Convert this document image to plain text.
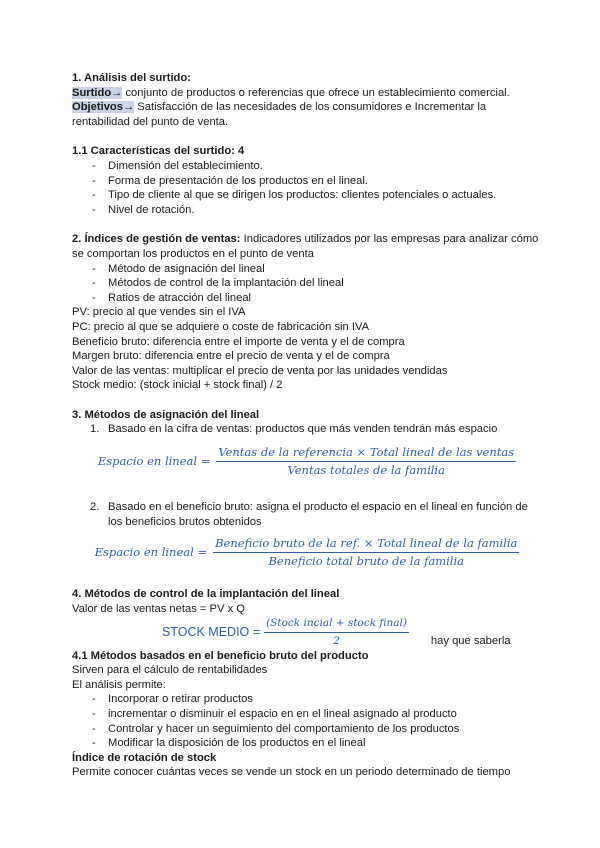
1. Análisis del surtido:

Surtido→ conjunto de productos o referencias que ofrece un establecimiento comercial.

Objetivos→ Satisfacción de las necesidades de los consumidores e Incrementar la rentabilidad del punto de venta.

1.1 Características del surtido: 4

- Dimensión del establecimiento.
- Forma de presentación de los productos en el lineal.
- Tipo de cliente al que se dirigen los productos: clientes potenciales o actuales.
- Nivel de rotación.

2. Índices de gestión de ventas: Indicadores utilizados por las empresas para analizar cómo se comportan los productos en el punto de venta

- Método de asignación del lineal
- Métodos de control de la implantación del lineal
- Ratios de atracción del lineal

PV: precio al que vendes sin el IVA

PC: precio al que se adquiere o coste de fabricación sin IVA

Beneficio bruto: diferencia entre el importe de venta y el de compra

Margen bruto: diferencia entre el precio de venta y el de compra

Valor de las ventas: multiplicar el precio de venta por las unidades vendidas

Stock medio: (stock inicial + stock final) / 2

3. Métodos de asignación del lineal

1. Basado en la cifra de ventas: productos que más venden tendrán más espacio
Espacio en lineal = $\frac{\text{Ventas de la referencia × Total lineal de las ventas}}{\text{Ventas totales de la familia}}$
2. Basado en el beneficio bruto: asigna el producto el espacio en el lineal en función de los beneficios brutos obtenidos
Espacio en lineal = $\frac{\text{Beneficio bruto de la ref. × Total lineal de la familia}}{\text{Beneficio total bruto de la familia}}$

4. Métodos de control de la implantación del lineal

Valor de las ventas netas = PV x Q

STOCK MEDIO = $\frac{\text{(Stock incial + stock final)}}{2}$ hay que saberla

4.1 Métodos basados en el beneficio bruto del producto

Sirven para el cálculo de rentabilidades

El análisis permite:

- Incorporar o retirar productos
- incrementar o disminuir el espacio en en el lineal asignado al producto
- Controlar y hacer un seguimiento del comportamiento de los productos
- Modificar la disposición de los productos en el lineal

Índice de rotación de stock

Permite conocer cuántas veces se vende un stock en un periodo determinado de tiempo
